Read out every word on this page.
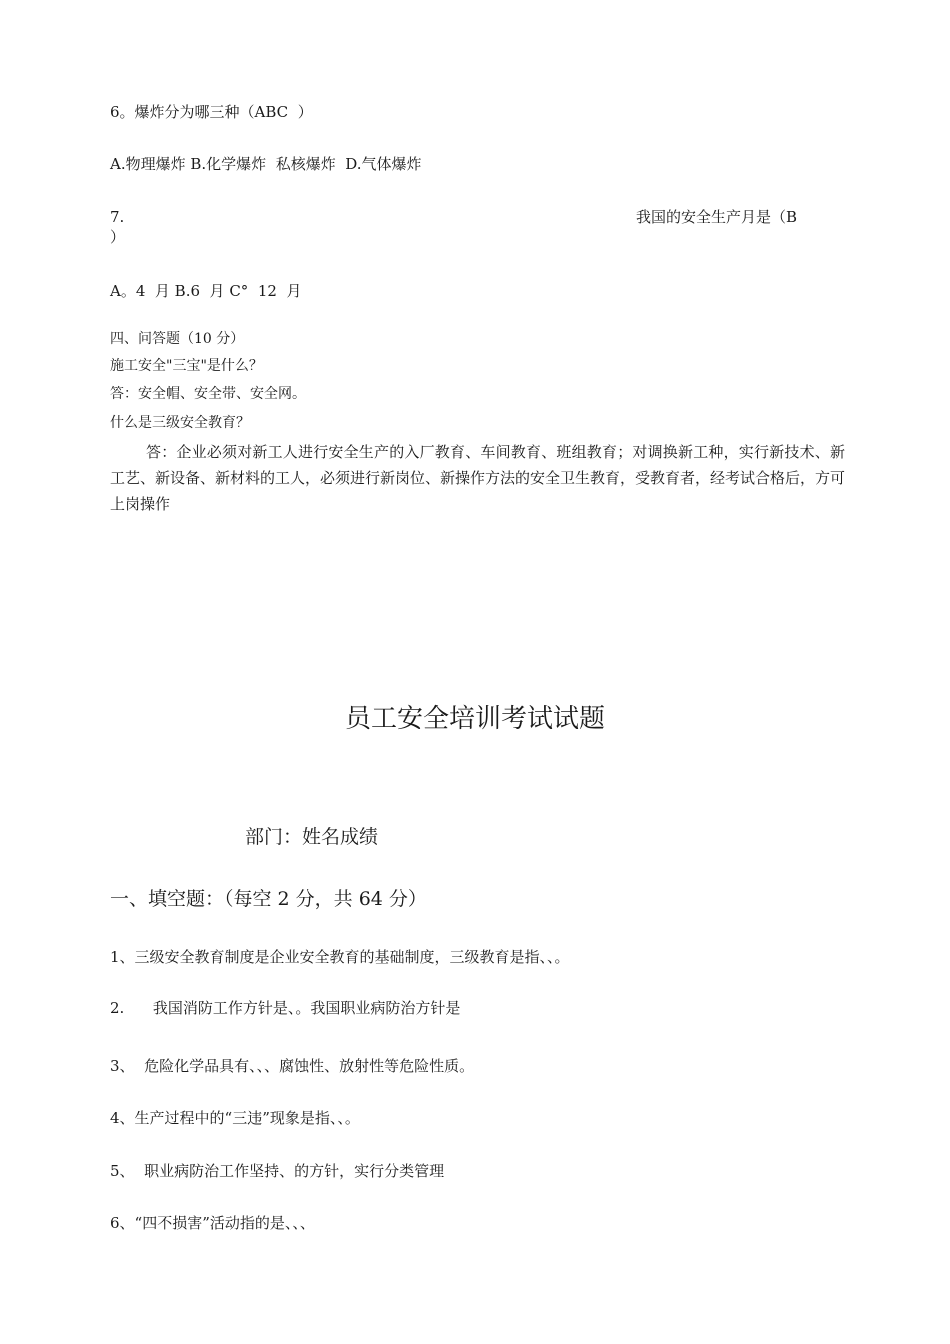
6。爆炸分为哪三种（ABC  ）
A.物理爆炸 B.化学爆炸  私核爆炸  D.气体爆炸
7.	我国的安全生产月是（B
）
A。4  月 B.6  月 C°  12  月
四、问答题（10 分）
施工安全"三宝"是什么？
答：安全帽、安全带、安全网。
什么是三级安全教育？
答：企业必须对新工人进行安全生产的入厂教育、车间教育、班组教育；对调换新工种，实行新技术、新工艺、新设备、新材料的工人，必须进行新岗位、新操作方法的安全卫生教育，受教育者，经考试合格后，方可上岗操作
员工安全培训考试试题
部门：姓名成绩
一、填空题：（每空 2 分，共 64 分）
1、三级安全教育制度是企业安全教育的基础制度，三级教育是指、、。
2.      我国消防工作方针是、。我国职业病防治方针是
3、  危险化学品具有、、、腐蚀性、放射性等危险性质。
4、生产过程中的“三违”现象是指、、。
5、  职业病防治工作坚持、的方针，实行分类管理
6、“四不损害”活动指的是、、、
